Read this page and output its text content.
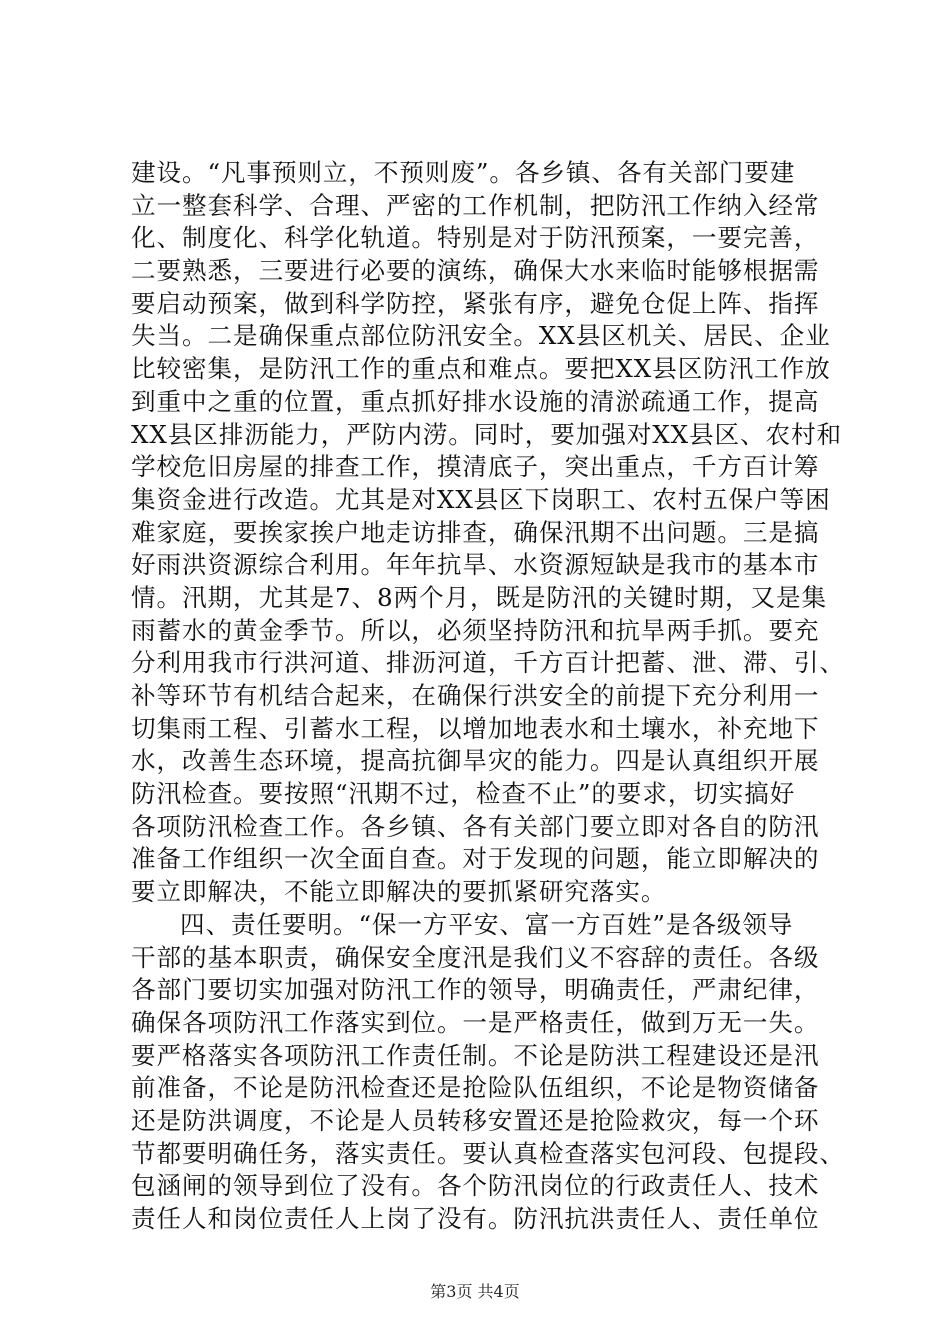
建设。“凡事预则立，不预则废”。各乡镇、各有关部门要建
立一整套科学、合理、严密的工作机制，把防汛工作纳入经常
化、制度化、科学化轨道。特别是对于防汛预案，一要完善，
二要熟悉，三要进行必要的演练，确保大水来临时能够根据需
要启动预案，做到科学防控，紧张有序，避免仓促上阵、指挥
失当。二是确保重点部位防汛安全。XX县区机关、居民、企业
比较密集，是防汛工作的重点和难点。要把XX县区防汛工作放
到重中之重的位置，重点抓好排水设施的清淤疏通工作，提高
XX县区排沥能力，严防内涝。同时，要加强对XX县区、农村和
学校危旧房屋的排查工作，摸清底子，突出重点，千方百计筹
集资金进行改造。尤其是对XX县区下岗职工、农村五保户等困
难家庭，要挨家挨户地走访排查，确保汛期不出问题。三是搞
好雨洪资源综合利用。年年抗旱、水资源短缺是我市的基本市
情。汛期，尤其是7、8两个月，既是防汛的关键时期，又是集
雨蓄水的黄金季节。所以，必须坚持防汛和抗旱两手抓。要充
分利用我市行洪河道、排沥河道，千方百计把蓄、泄、滞、引、
补等环节有机结合起来，在确保行洪安全的前提下充分利用一
切集雨工程、引蓄水工程，以增加地表水和土壤水，补充地下
水，改善生态环境，提高抗御旱灾的能力。四是认真组织开展
防汛检查。要按照“汛期不过，检查不止”的要求，切实搞好
各项防汛检查工作。各乡镇、各有关部门要立即对各自的防汛
准备工作组织一次全面自查。对于发现的问题，能立即解决的
要立即解决，不能立即解决的要抓紧研究落实。
四、责任要明。“保一方平安、富一方百姓”是各级领导
干部的基本职责，确保安全度汛是我们义不容辞的责任。各级
各部门要切实加强对防汛工作的领导，明确责任，严肃纪律，
确保各项防汛工作落实到位。一是严格责任，做到万无一失。
要严格落实各项防汛工作责任制。不论是防洪工程建设还是汛
前准备，不论是防汛检查还是抢险队伍组织，不论是物资储备
还是防洪调度，不论是人员转移安置还是抢险救灾，每一个环
节都要明确任务，落实责任。要认真检查落实包河段、包提段、
包涵闸的领导到位了没有。各个防汛岗位的行政责任人、技术
责任人和岗位责任人上岗了没有。防汛抗洪责任人、责任单位
第3页 共4页
